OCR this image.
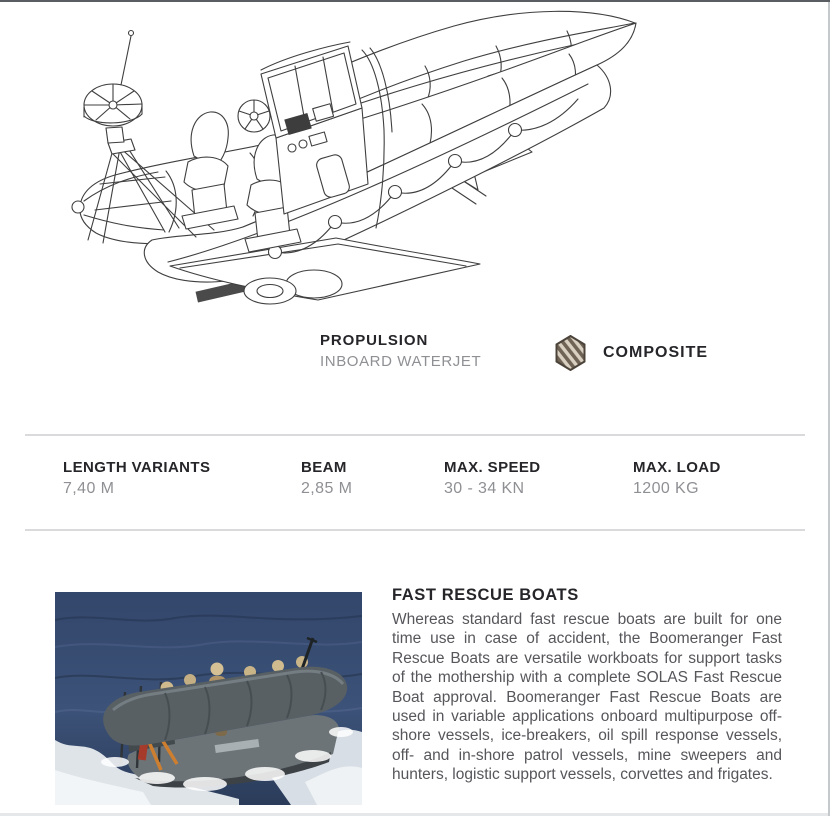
PROPULSION
INBOARD WATERJET
COMPOSITE
LENGTH VARIANTS
7,40 M
BEAM
2,85 M
MAX. SPEED
30 - 34 KN
MAX. LOAD
1200 KG
FAST RESCUE BOATS

Whereas standard fast rescue boats are built for one time use in case of accident, the Boomeranger Fast Rescue Boats are versatile workboats for support tasks of the mothership with a complete SOLAS Fast Rescue Boat approval. Boomeranger Fast Rescue Boats are used in variable applications onboard multipurpose off-shore vessels, ice-breakers, oil spill response vessels, off- and in-shore patrol vessels, mine sweepers and hunters, logistic support vessels, corvettes and frigates.
